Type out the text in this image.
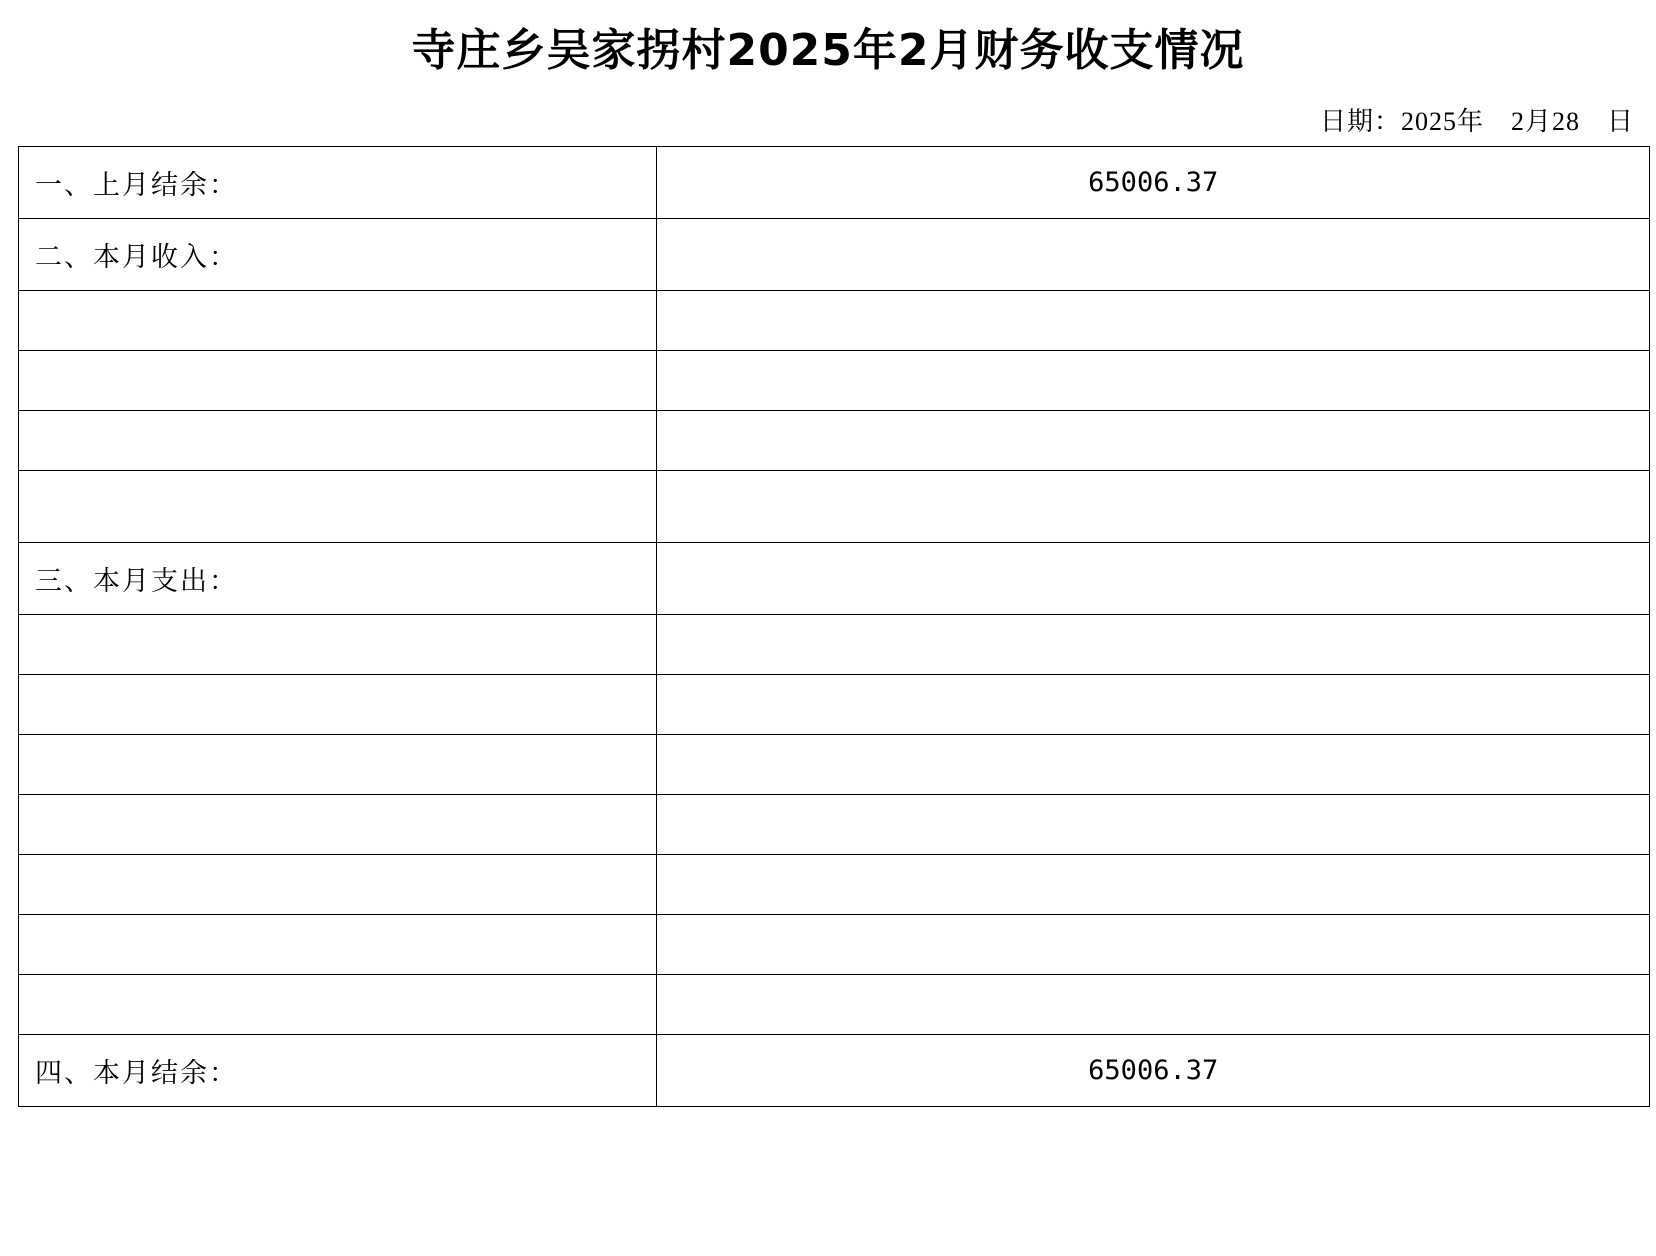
寺庄乡吴家拐村2025年2月财务收支情况
日期：2025年　2月28　日
一、上月结余：	65006.37
二、本月收入：	

三、本月支出：	

四、本月结余：	65006.37
